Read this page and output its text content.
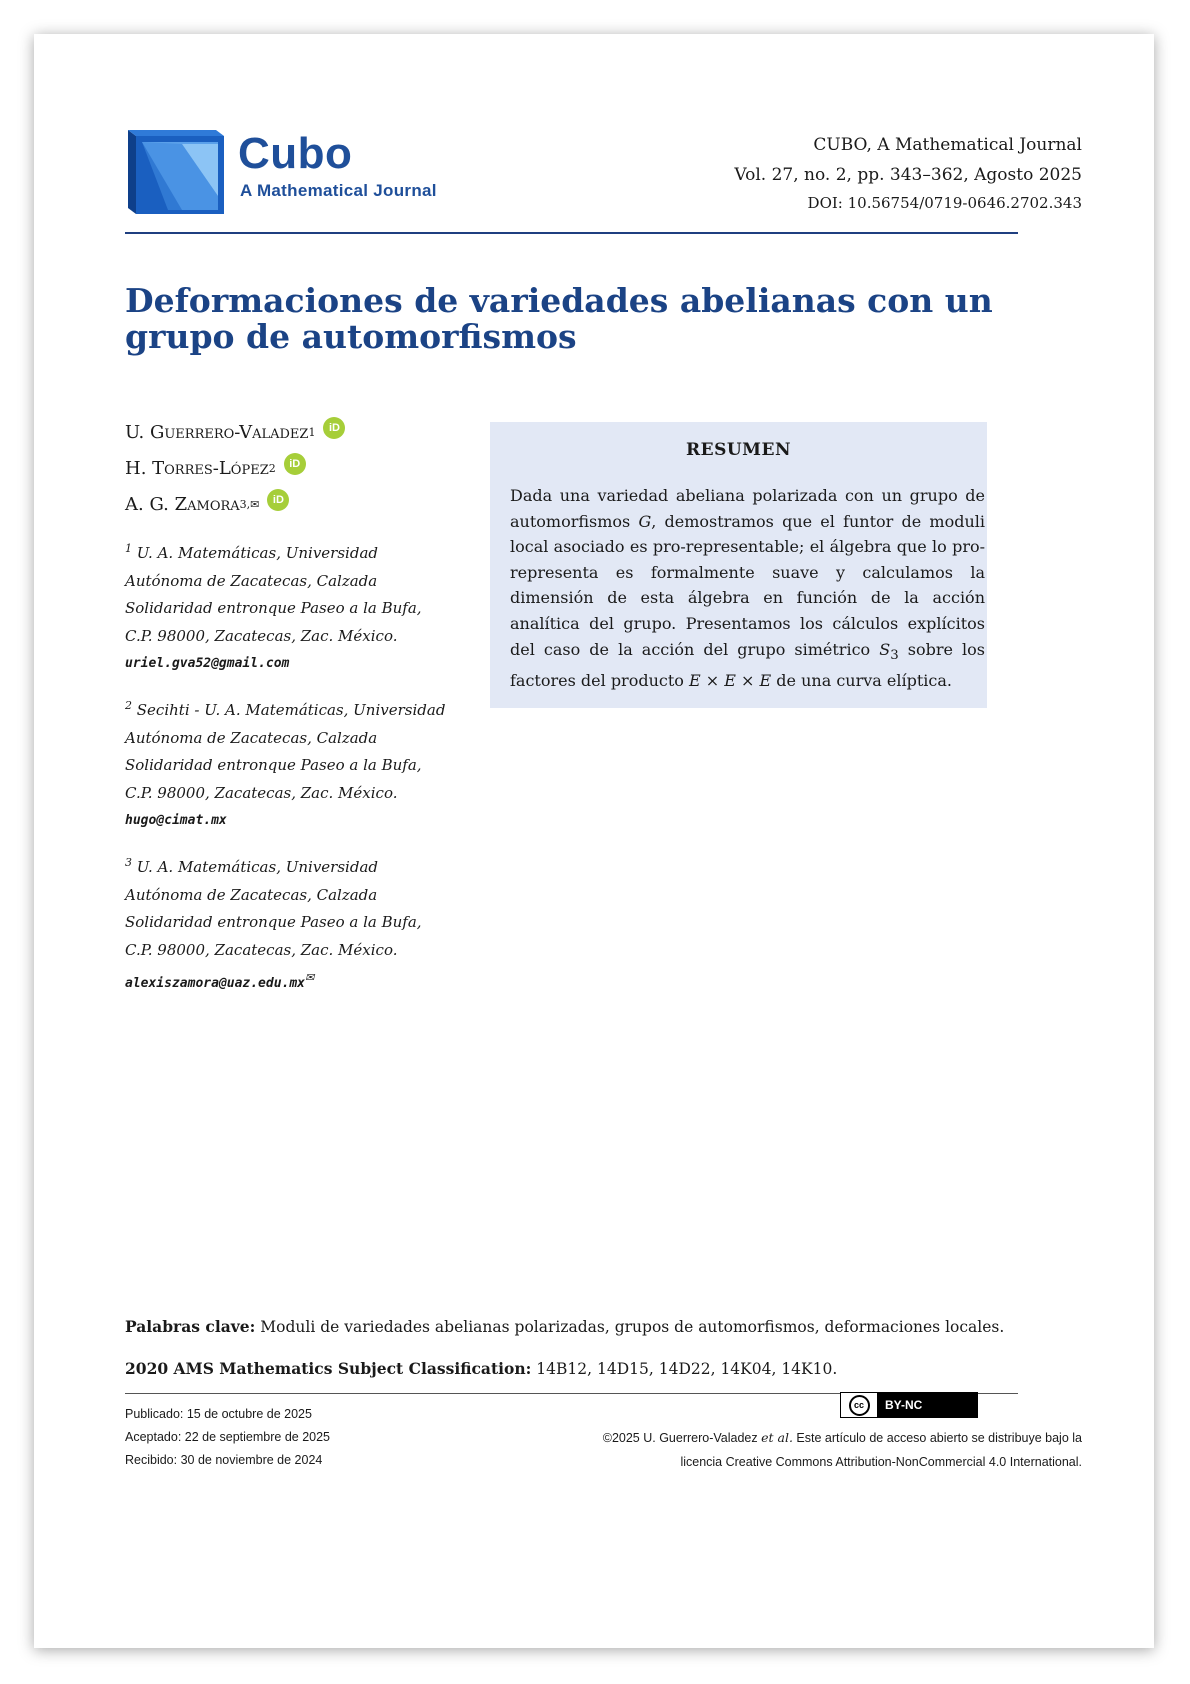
Cubo
A Mathematical Journal
CUBO, A Mathematical Journal
Vol. 27, no. 2, pp. 343–362, Agosto 2025
DOI: 10.56754/0719-0646.2702.343
Deformaciones de variedades abelianas con un grupo de automorfismos
U. Guerrero-Valadez 1	iD
H. Torres-López 2	iD
A. G. Zamora 3,✉	iD
$^1$ U. A. Matemáticas, Universidad
Autónoma de Zacatecas, Calzada
Solidaridad entronque Paseo a la Bufa,
C.P. 98000, Zacatecas, Zac. México.
uriel.gva52@gmail.com
$^2$ Secihti - U. A. Matemáticas, Universidad
Autónoma de Zacatecas, Calzada
Solidaridad entronque Paseo a la Bufa,
C.P. 98000, Zacatecas, Zac. México.
hugo@cimat.mx
$^3$ U. A. Matemáticas, Universidad
Autónoma de Zacatecas, Calzada
Solidaridad entronque Paseo a la Bufa,
C.P. 98000, Zacatecas, Zac. México.
alexiszamora@uaz.edu.mx✉
RESUMEN
Dada una variedad abeliana polarizada con un grupo de automorfismos G, demostramos que el funtor de moduli local asociado es pro-representable; el álgebra que lo pro-representa es formalmente suave y calculamos la dimensión de esta álgebra en función de la acción analítica del grupo. Presentamos los cálculos explícitos del caso de la acción del grupo simétrico $S_3$ sobre los factores del producto E × E × E de una curva elíptica.
Palabras clave: Moduli de variedades abelianas polarizadas, grupos de automorfismos, deformaciones locales.
2020 AMS Mathematics Subject Classification: 14B12, 14D15, 14D22, 14K04, 14K10.
Publicado: 15 de octubre de 2025
Aceptado: 22 de septiembre de 2025
Recibido: 30 de noviembre de 2024
cc	BY-NC
©2025 U. Guerrero-Valadez et al. Este artículo de acceso abierto se distribuye bajo la
licencia Creative Commons Attribution-NonCommercial 4.0 International.
